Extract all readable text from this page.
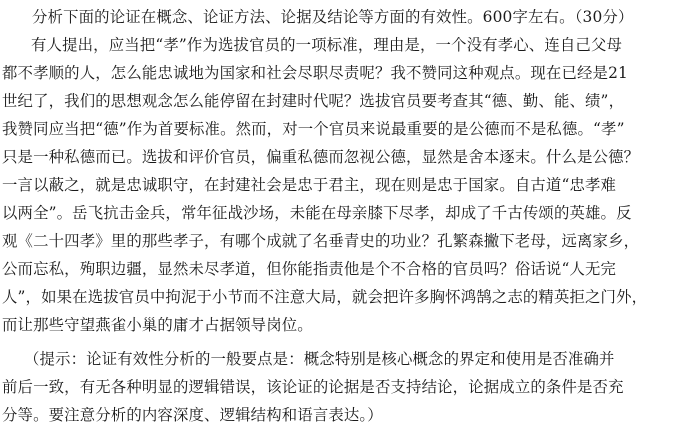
分析下面的论证在概念、论证方法、论据及结论等方面的有效性。600字左右。（30分）
有人提出，应当把“孝”作为选拔官员的一项标准，理由是，一个没有孝心、连自己父母
都不孝顺的人，怎么能忠诚地为国家和社会尽职尽责呢？我不赞同这种观点。现在已经是21
世纪了，我们的思想观念怎么能停留在封建时代呢？选拔官员要考查其“德、勤、能、绩”，
我赞同应当把“德”作为首要标准。然而，对一个官员来说最重要的是公德而不是私德。“孝”
只是一种私德而已。选拔和评价官员，偏重私德而忽视公德，显然是舍本逐末。什么是公德？
一言以蔽之，就是忠诚职守，在封建社会是忠于君主，现在则是忠于国家。自古道“忠孝难
以两全”。岳飞抗击金兵，常年征战沙场，未能在母亲膝下尽孝，却成了千古传颂的英雄。反
观《二十四孝》里的那些孝子，有哪个成就了名垂青史的功业？孔繁森撇下老母，远离家乡，
公而忘私，殉职边疆，显然未尽孝道，但你能指责他是个不合格的官员吗？俗话说“人无完
人”，如果在选拔官员中拘泥于小节而不注意大局，就会把许多胸怀鸿鹄之志的精英拒之门外，
而让那些守望燕雀小巢的庸才占据领导岗位。
（提示：论证有效性分析的一般要点是：概念特别是核心概念的界定和使用是否准确并
前后一致，有无各种明显的逻辑错误，该论证的论据是否支持结论，论据成立的条件是否充
分等。要注意分析的内容深度、逻辑结构和语言表达。）
